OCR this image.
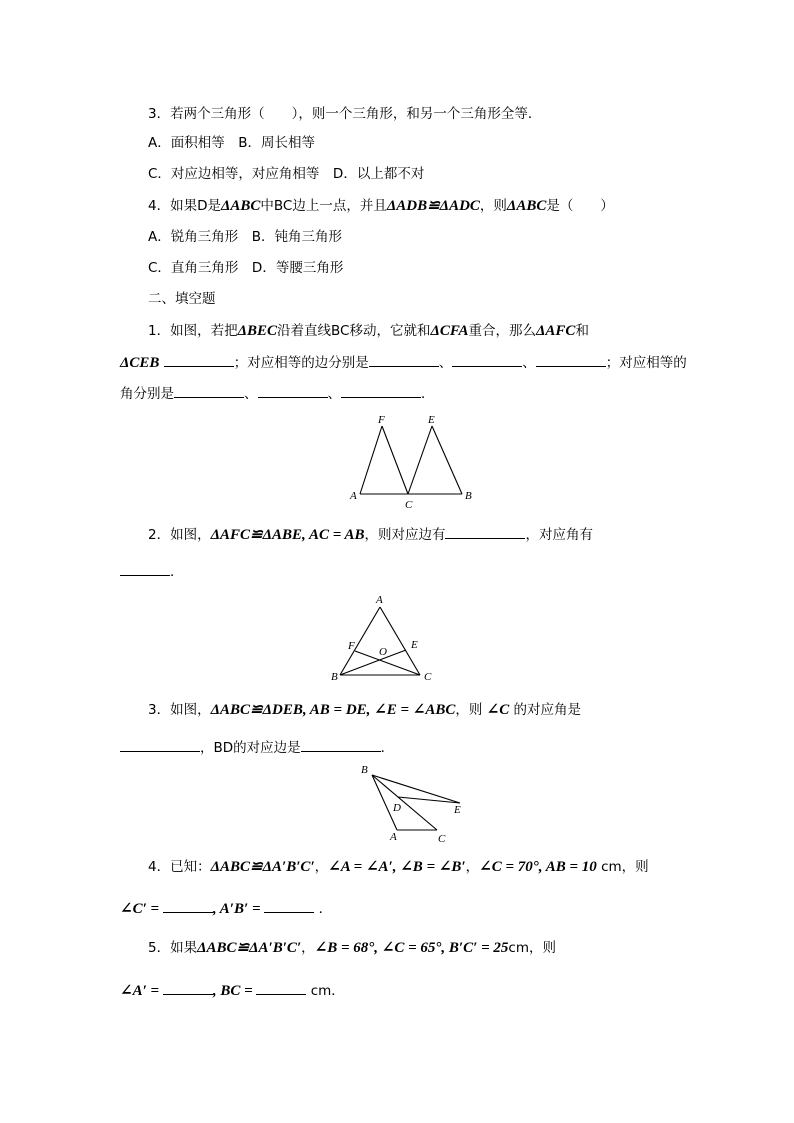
3．若两个三角形（　　），则一个三角形，和另一个三角形全等．
A．面积相等　B．周长相等
C．对应边相等，对应角相等　D．以上都不对
4．如果D是ΔABC中BC边上一点，并且ΔADB≌ΔADC，则ΔABC是（　　）
A．锐角三角形　B．钝角三角形
C．直角三角形　D．等腰三角形
二、填空题
1．如图，若把ΔBEC沿着直线BC移动，它就和ΔCFA重合，那么ΔAFC和
ΔCEB	；对应相等的边分别是	、	、	；对应相等的
角分别是	、	、	．
2．如图，ΔAFC≌ΔABE, AC = AB，则对应边有	，对应角有
．
3．如图，ΔABC≌ΔDEB, AB = DE, ∠E = ∠ABC，则 ∠C 的对应角是
，BD的对应边是	．
4．已知：ΔABC≌ΔA′B′C′，∠A = ∠A′, ∠B = ∠B′，∠C = 70°, AB = 10 cm，则
∠C′ =	, A′B′ =	．
5．如果ΔABC≌ΔA′B′C′，∠B = 68°, ∠C = 65°, B′C′ = 25cm，则
∠A′ =	, BC =	cm．
A
F
C
E
B
A
F O
E
B	C
B
D	E
A	C
